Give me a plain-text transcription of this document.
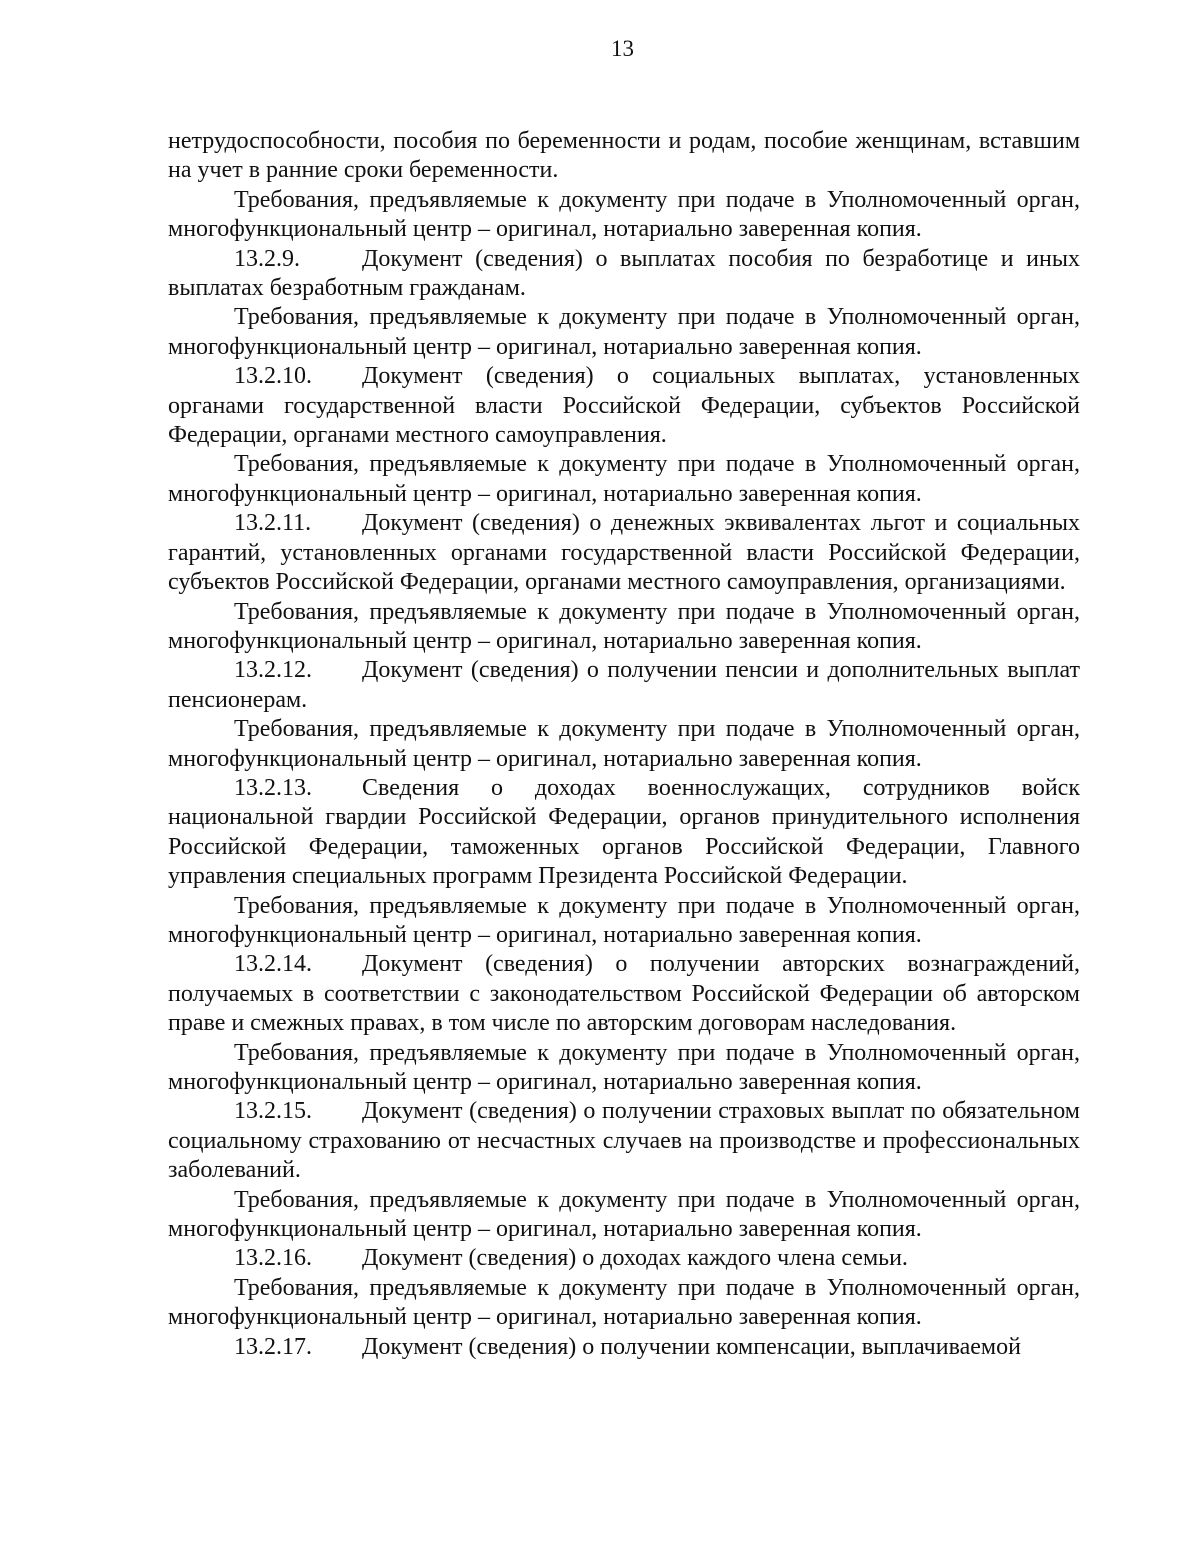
13

нетрудоспособности, пособия по беременности и родам, пособие женщинам, вставшим на учет в ранние сроки беременности.

Требования, предъявляемые к документу при подаче в Уполномоченный орган, многофункциональный центр – оригинал, нотариально заверенная копия.

13.2.9.	Документ (сведения) о выплатах пособия по безработице и иных выплатах безработным гражданам.

Требования, предъявляемые к документу при подаче в Уполномоченный орган, многофункциональный центр – оригинал, нотариально заверенная копия.

13.2.10. Документ (сведения) о социальных выплатах, установленных органами государственной власти Российской Федерации, субъектов Российской Федерации, органами местного самоуправления.

Требования, предъявляемые к документу при подаче в Уполномоченный орган, многофункциональный центр – оригинал, нотариально заверенная копия.

13.2.11. Документ (сведения) о денежных эквивалентах льгот и социальных гарантий, установленных органами государственной власти Российской Федерации, субъектов Российской Федерации, органами местного самоуправления, организациями.

Требования, предъявляемые к документу при подаче в Уполномоченный орган, многофункциональный центр – оригинал, нотариально заверенная копия.

13.2.12. Документ (сведения) о получении пенсии и дополнительных выплат пенсионерам.

Требования, предъявляемые к документу при подаче в Уполномоченный орган, многофункциональный центр – оригинал, нотариально заверенная копия.

13.2.13. Сведения о доходах военнослужащих, сотрудников войск национальной гвардии Российской Федерации, органов принудительного исполнения Российской Федерации, таможенных органов Российской Федерации, Главного управления специальных программ Президента Российской Федерации.

Требования, предъявляемые к документу при подаче в Уполномоченный орган, многофункциональный центр – оригинал, нотариально заверенная копия.

13.2.14. Документ (сведения) о получении авторских вознаграждений, получаемых в соответствии с законодательством Российской Федерации об авторском праве и смежных правах, в том числе по авторским договорам наследования.

Требования, предъявляемые к документу при подаче в Уполномоченный орган, многофункциональный центр – оригинал, нотариально заверенная копия.

13.2.15. Документ (сведения) о получении страховых выплат по обязательном социальному страхованию от несчастных случаев на производстве и профессиональных заболеваний.

Требования, предъявляемые к документу при подаче в Уполномоченный орган, многофункциональный центр – оригинал, нотариально заверенная копия.

13.2.16. Документ (сведения) о доходах каждого члена семьи.

Требования, предъявляемые к документу при подаче в Уполномоченный орган, многофункциональный центр – оригинал, нотариально заверенная копия.

13.2.17. Документ (сведения) о получении компенсации, выплачиваемой
